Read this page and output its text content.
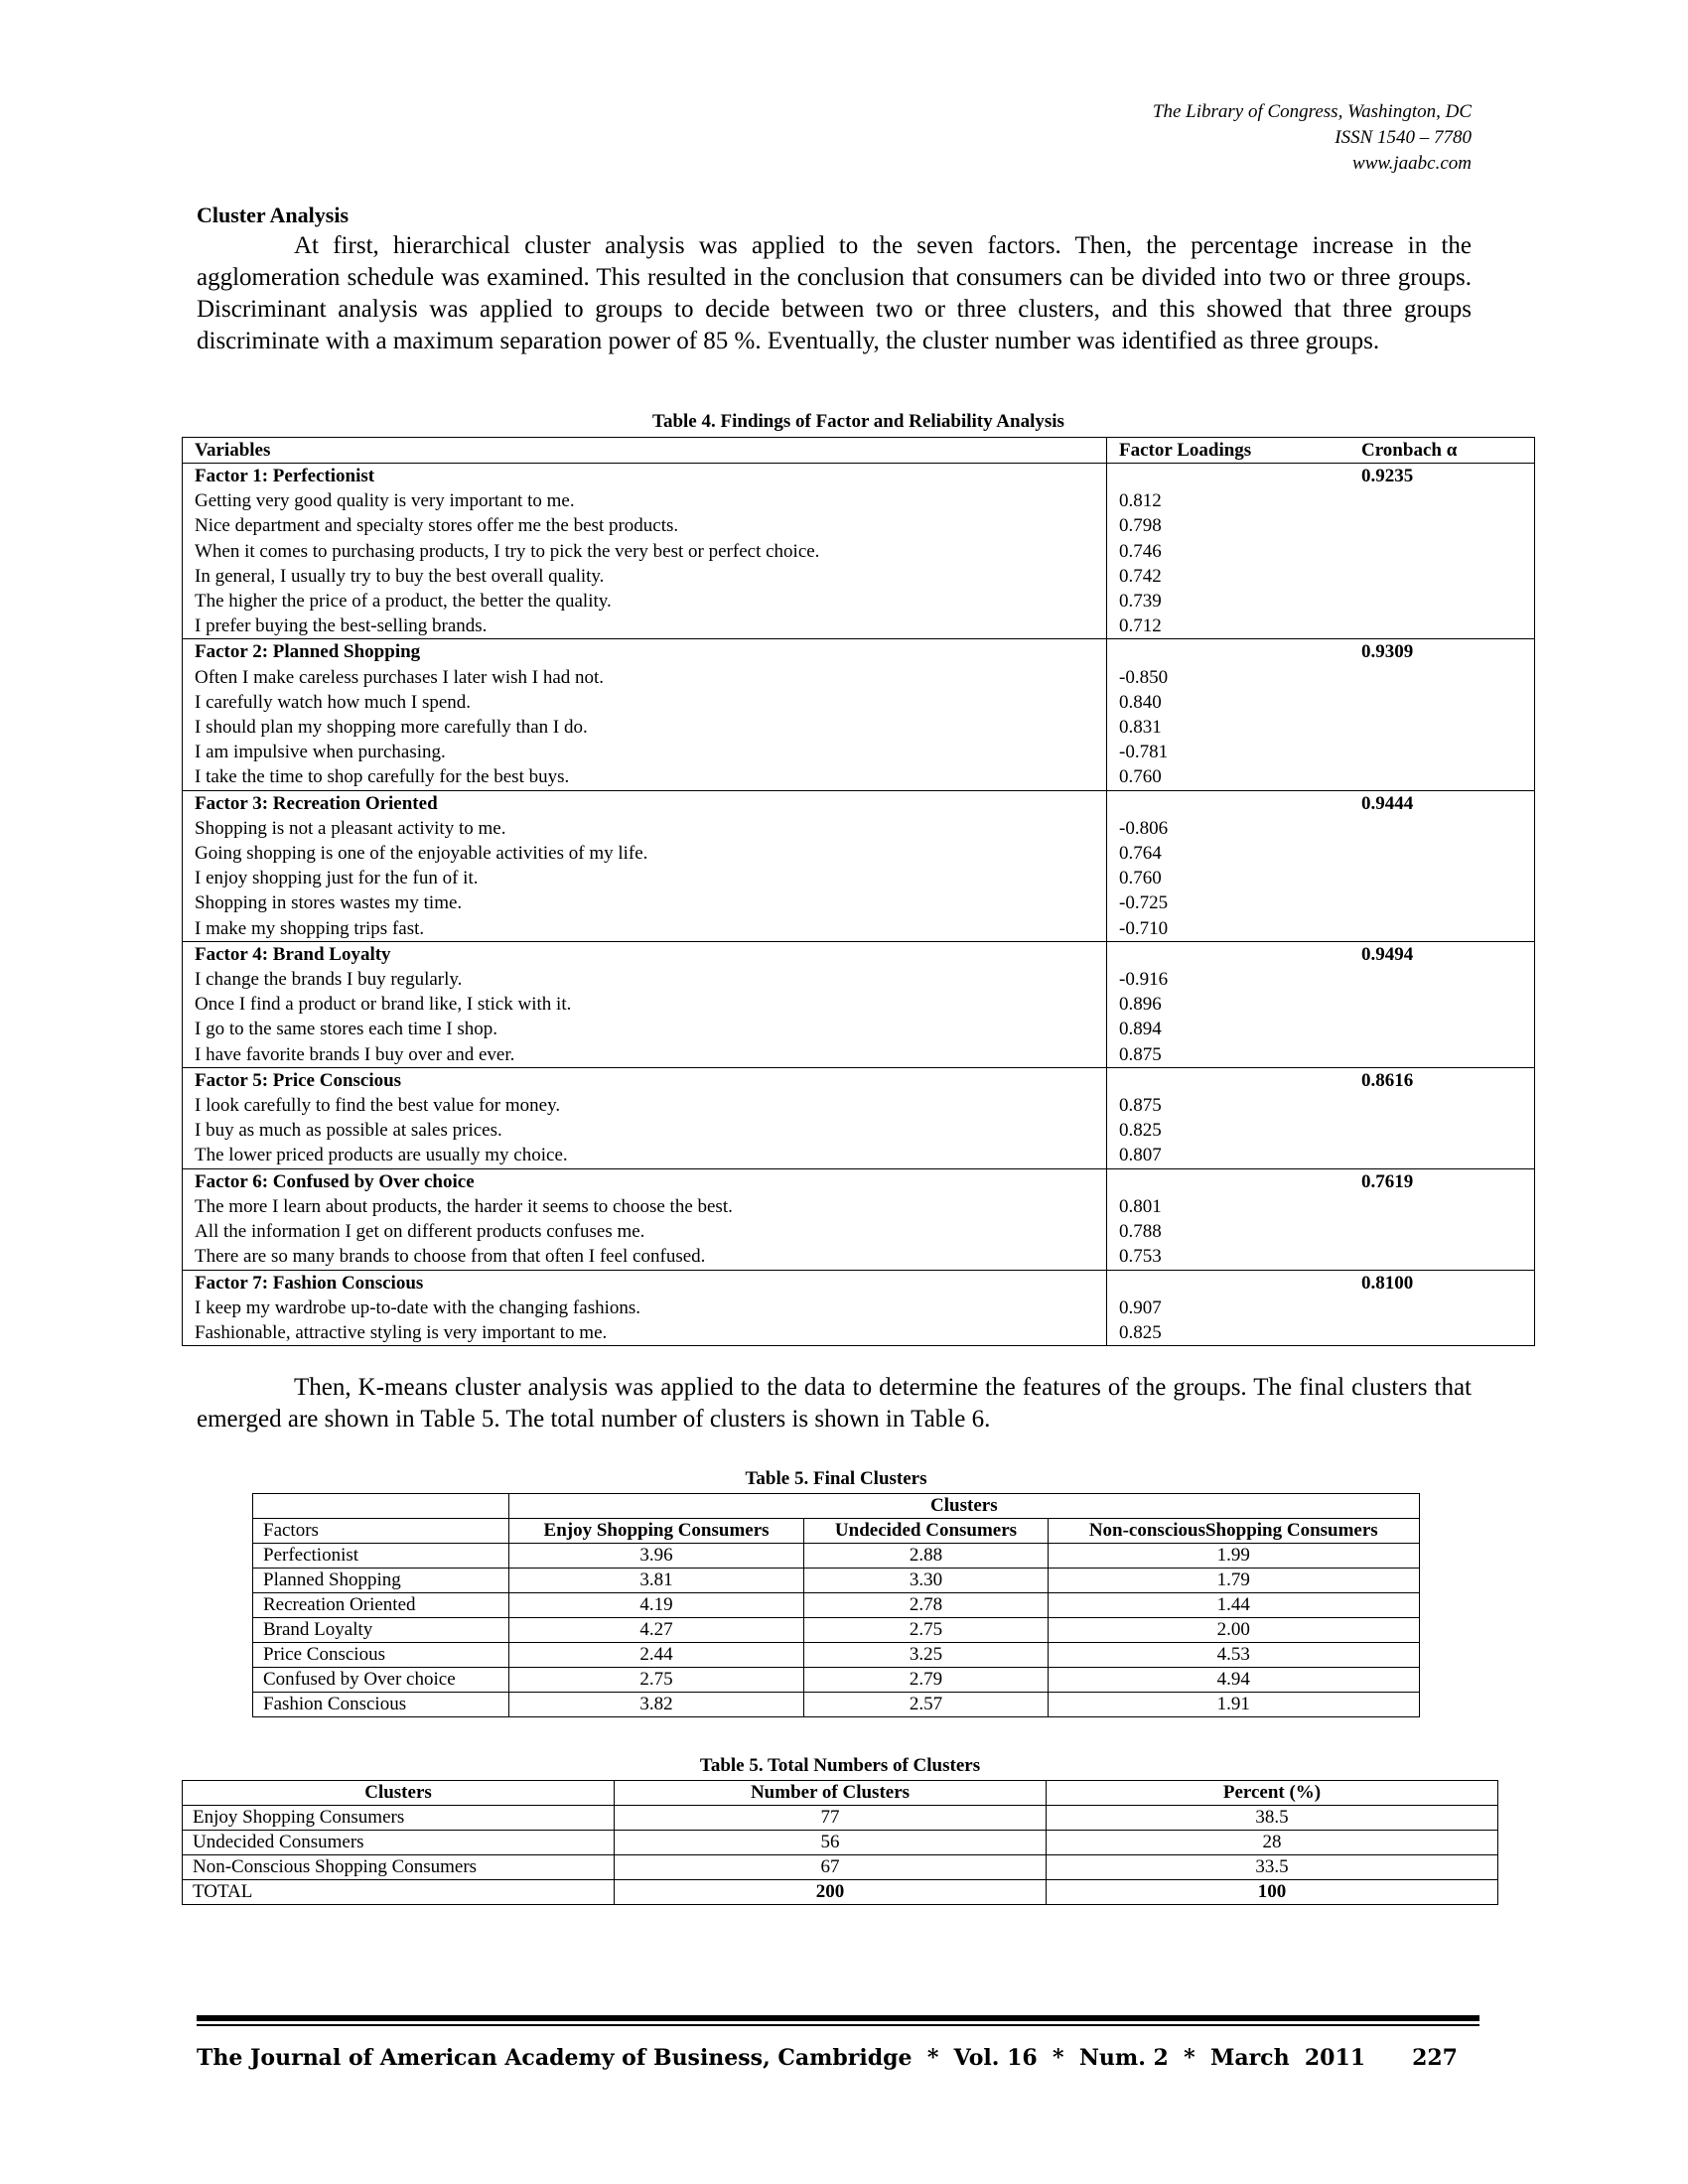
The Library of Congress, Washington, DC
ISSN 1540 – 7780
www.jaabc.com
Cluster Analysis
At first, hierarchical cluster analysis was applied to the seven factors. Then, the percentage increase in the agglomeration schedule was examined. This resulted in the conclusion that consumers can be divided into two or three groups. Discriminant analysis was applied to groups to decide between two or three clusters, and this showed that three groups discriminate with a maximum separation power of 85 %. Eventually, the cluster number was identified as three groups.
Table 4. Findings of Factor and Reliability Analysis
Variables	Factor Loadings	Cronbach α
Factor 1: Perfectionist		0.9235
Getting very good quality is very important to me.	0.812	
Nice department and specialty stores offer me the best products.	0.798	
When it comes to purchasing products, I try to pick the very best or perfect choice.	0.746	
In general, I usually try to buy the best overall quality.	0.742	
The higher the price of a product, the better the quality.	0.739	
I prefer buying the best-selling brands.	0.712	
Factor 2: Planned Shopping		0.9309
Often I make careless purchases I later wish I had not.	-0.850	
I carefully watch how much I spend.	0.840	
I should plan my shopping more carefully than I do.	0.831	
I am impulsive when purchasing.	-0.781	
I take the time to shop carefully for the best buys.	0.760	
Factor 3: Recreation Oriented		0.9444
Shopping is not a pleasant activity to me.	-0.806	
Going shopping is one of the enjoyable activities of my life.	0.764	
I enjoy shopping just for the fun of it.	0.760	
Shopping in stores wastes my time.	-0.725	
I make my shopping trips fast.	-0.710	
Factor 4: Brand Loyalty		0.9494
I change the brands I buy regularly.	-0.916	
Once I find a product or brand like, I stick with it.	0.896	
I go to the same stores each time I shop.	0.894	
I have favorite brands I buy over and ever.	0.875	
Factor 5: Price Conscious		0.8616
I look carefully to find the best value for money.	0.875	
I buy as much as possible at sales prices.	0.825	
The lower priced products are usually my choice.	0.807	
Factor 6: Confused by Over choice		0.7619
The more I learn about products, the harder it seems to choose the best.	0.801	
All the information I get on different products confuses me.	0.788	
There are so many brands to choose from that often I feel confused.	0.753	
Factor 7: Fashion Conscious		0.8100
I keep my wardrobe up-to-date with the changing fashions.	0.907	
Fashionable, attractive styling is very important to me.	0.825	
Then, K-means cluster analysis was applied to the data to determine the features of the groups. The final clusters that emerged are shown in Table 5. The total number of clusters is shown in Table 6.
Table 5. Final Clusters
	Clusters		
Factors	Enjoy Shopping Consumers	Undecided Consumers	Non-consciousShopping Consumers
Perfectionist	3.96	2.88	1.99
Planned Shopping	3.81	3.30	1.79
Recreation Oriented	4.19	2.78	1.44
Brand Loyalty	4.27	2.75	2.00
Price Conscious	2.44	3.25	4.53
Confused by Over choice	2.75	2.79	4.94
Fashion Conscious	3.82	2.57	1.91
Table 5. Total Numbers of Clusters
Clusters	Number of Clusters	Percent (%)
Enjoy Shopping Consumers	77	38.5
Undecided Consumers	56	28
Non-Conscious Shopping Consumers	67	33.5
TOTAL	200	100
The Journal of American Academy of Business, Cambridge  *  Vol. 16  *  Num. 2  *  March  2011 227
